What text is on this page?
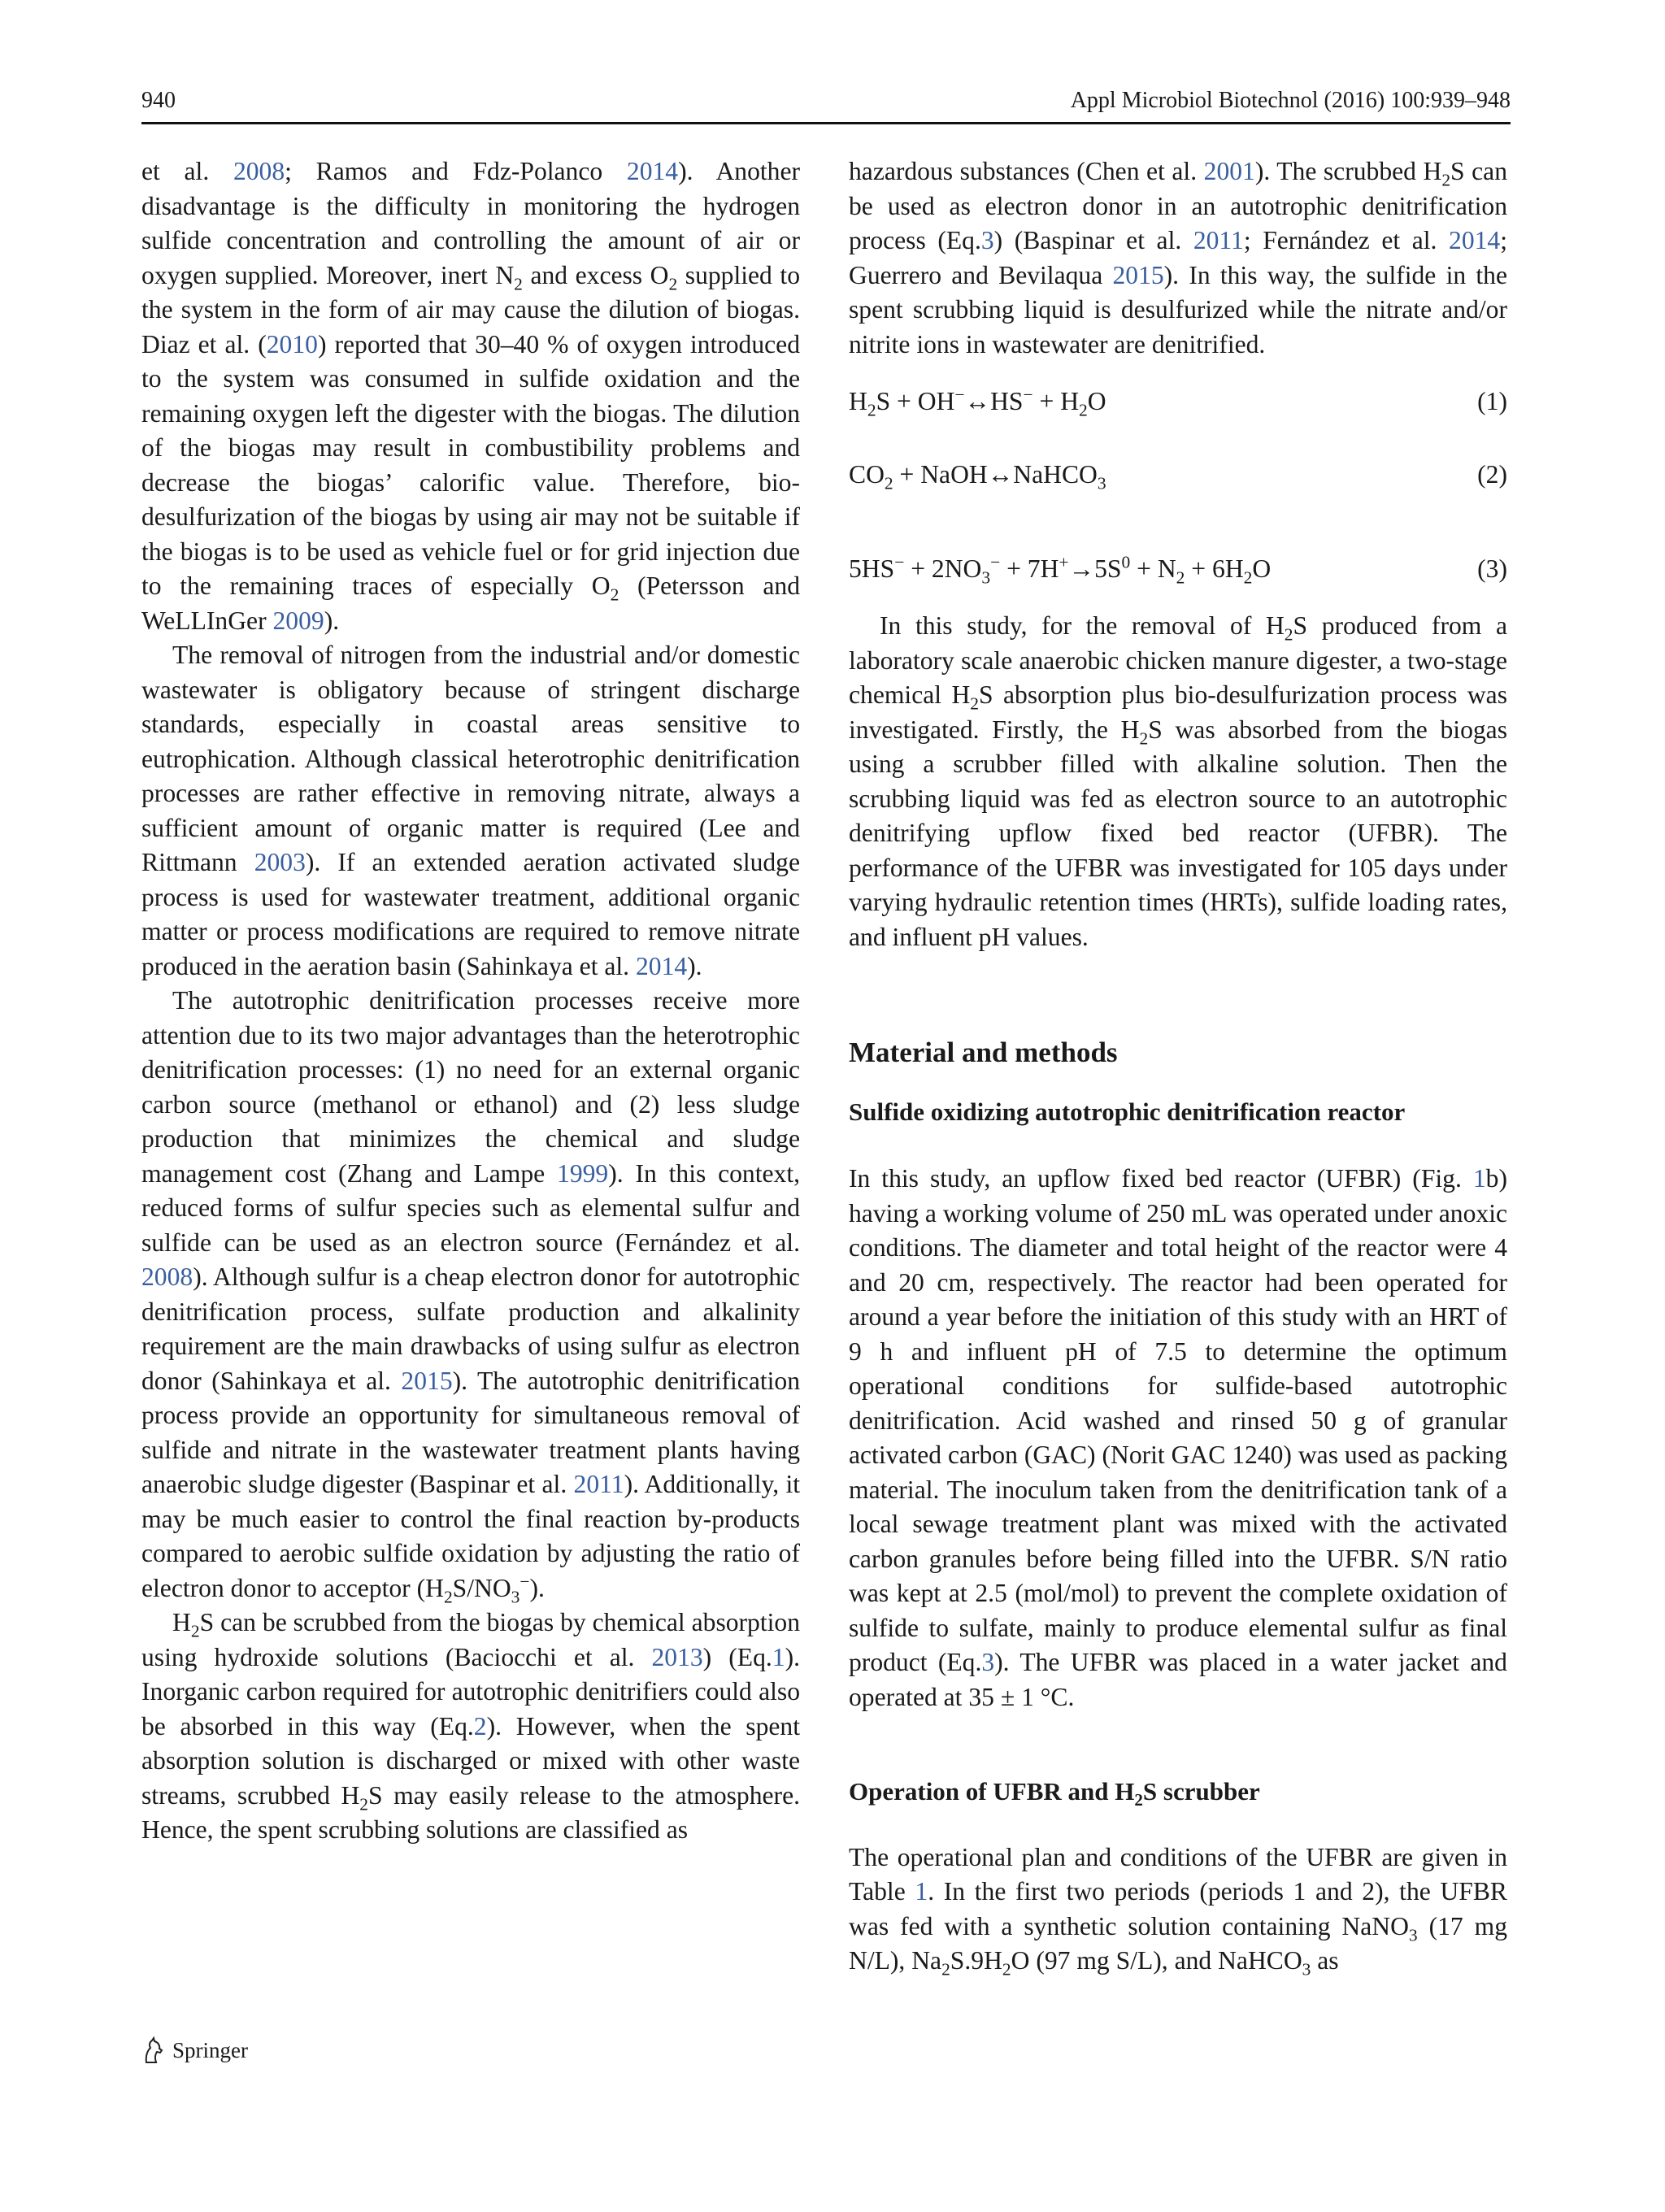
940	Appl Microbiol Biotechnol (2016) 100:939–948

et al. 2008; Ramos and Fdz-Polanco 2014). Another disadvantage is the difficulty in monitoring the hydrogen sulfide concentration and controlling the amount of air or oxygen supplied. Moreover, inert $N_2$ and excess $O_2$ supplied to the system in the form of air may cause the dilution of biogas. Diaz et al. (2010) reported that 30–40 % of oxygen introduced to the system was consumed in sulfide oxidation and the remaining oxygen left the digester with the biogas. The dilution of the biogas may result in combustibility problems and decrease the biogas’ calorific value. Therefore, bio-desulfurization of the biogas by using air may not be suitable if the biogas is to be used as vehicle fuel or for grid injection due to the remaining traces of especially $O_2$ (Petersson and WeLLInGer 2009).

The removal of nitrogen from the industrial and/or domestic wastewater is obligatory because of stringent discharge standards, especially in coastal areas sensitive to eutrophication. Although classical heterotrophic denitrification processes are rather effective in removing nitrate, always a sufficient amount of organic matter is required (Lee and Rittmann 2003). If an extended aeration activated sludge process is used for wastewater treatment, additional organic matter or process modifications are required to remove nitrate produced in the aeration basin (Sahinkaya et al. 2014).

The autotrophic denitrification processes receive more attention due to its two major advantages than the heterotrophic denitrification processes: (1) no need for an external organic carbon source (methanol or ethanol) and (2) less sludge production that minimizes the chemical and sludge management cost (Zhang and Lampe 1999). In this context, reduced forms of sulfur species such as elemental sulfur and sulfide can be used as an electron source (Fernández et al. 2008). Although sulfur is a cheap electron donor for autotrophic denitrification process, sulfate production and alkalinity requirement are the main drawbacks of using sulfur as electron donor (Sahinkaya et al. 2015). The autotrophic denitrification process provide an opportunity for simultaneous removal of sulfide and nitrate in the wastewater treatment plants having anaerobic sludge digester (Baspinar et al. 2011). Additionally, it may be much easier to control the final reaction by-products compared to aerobic sulfide oxidation by adjusting the ratio of electron donor to acceptor $(H_2S/NO_3^-)$.

$H_2S$ can be scrubbed from the biogas by chemical absorption using hydroxide solutions (Baciocchi et al. 2013) (Eq.1). Inorganic carbon required for autotrophic denitrifiers could also be absorbed in this way (Eq.2). However, when the spent absorption solution is discharged or mixed with other waste streams, scrubbed $H_2S$ may easily release to the atmosphere. Hence, the spent scrubbing solutions are classified as

hazardous substances (Chen et al. 2001). The scrubbed $H_2S$ can be used as electron donor in an autotrophic denitrification process (Eq.3) (Baspinar et al. 2011; Fernández et al. 2014; Guerrero and Bevilaqua 2015). In this way, the sulfide in the spent scrubbing liquid is desulfurized while the nitrate and/or nitrite ions in wastewater are denitrified.

$H_2S$ + OH−↔HS− + $H_2O$	(1)
$CO_2$ + NaOH↔NaHCO$_3$	(2)
$5HS^- + 2NO_3^- + 7H^+\to 5S^0 + N_2 + 6H_2O$	(3)

In this study, for the removal of $H_2S$ produced from a laboratory scale anaerobic chicken manure digester, a two-stage chemical $H_2S$ absorption plus bio-desulfurization process was investigated. Firstly, the $H_2S$ was absorbed from the biogas using a scrubber filled with alkaline solution. Then the scrubbing liquid was fed as electron source to an autotrophic denitrifying upflow fixed bed reactor (UFBR). The performance of the UFBR was investigated for 105 days under varying hydraulic retention times (HRTs), sulfide loading rates, and influent pH values.

Material and methods

Sulfide oxidizing autotrophic denitrification reactor

In this study, an upflow fixed bed reactor (UFBR) (Fig. 1b) having a working volume of 250 mL was operated under anoxic conditions. The diameter and total height of the reactor were 4 and 20 cm, respectively. The reactor had been operated for around a year before the initiation of this study with an HRT of 9 h and influent pH of 7.5 to determine the optimum operational conditions for sulfide-based autotrophic denitrification. Acid washed and rinsed 50 g of granular activated carbon (GAC) (Norit GAC 1240) was used as packing material. The inoculum taken from the denitrification tank of a local sewage treatment plant was mixed with the activated carbon granules before being filled into the UFBR. S/N ratio was kept at 2.5 (mol/mol) to prevent the complete oxidation of sulfide to sulfate, mainly to produce elemental sulfur as final product (Eq.3). The UFBR was placed in a water jacket and operated at 35 ± 1 °C.

Operation of UFBR and $H_2S$ scrubber

The operational plan and conditions of the UFBR are given in Table 1. In the first two periods (periods 1 and 2), the UFBR was fed with a synthetic solution containing NaNO$_3$ (17 mg N/L), $Na_2S.9H_2O$ (97 mg S/L), and NaHCO$_3$ as

Springer
